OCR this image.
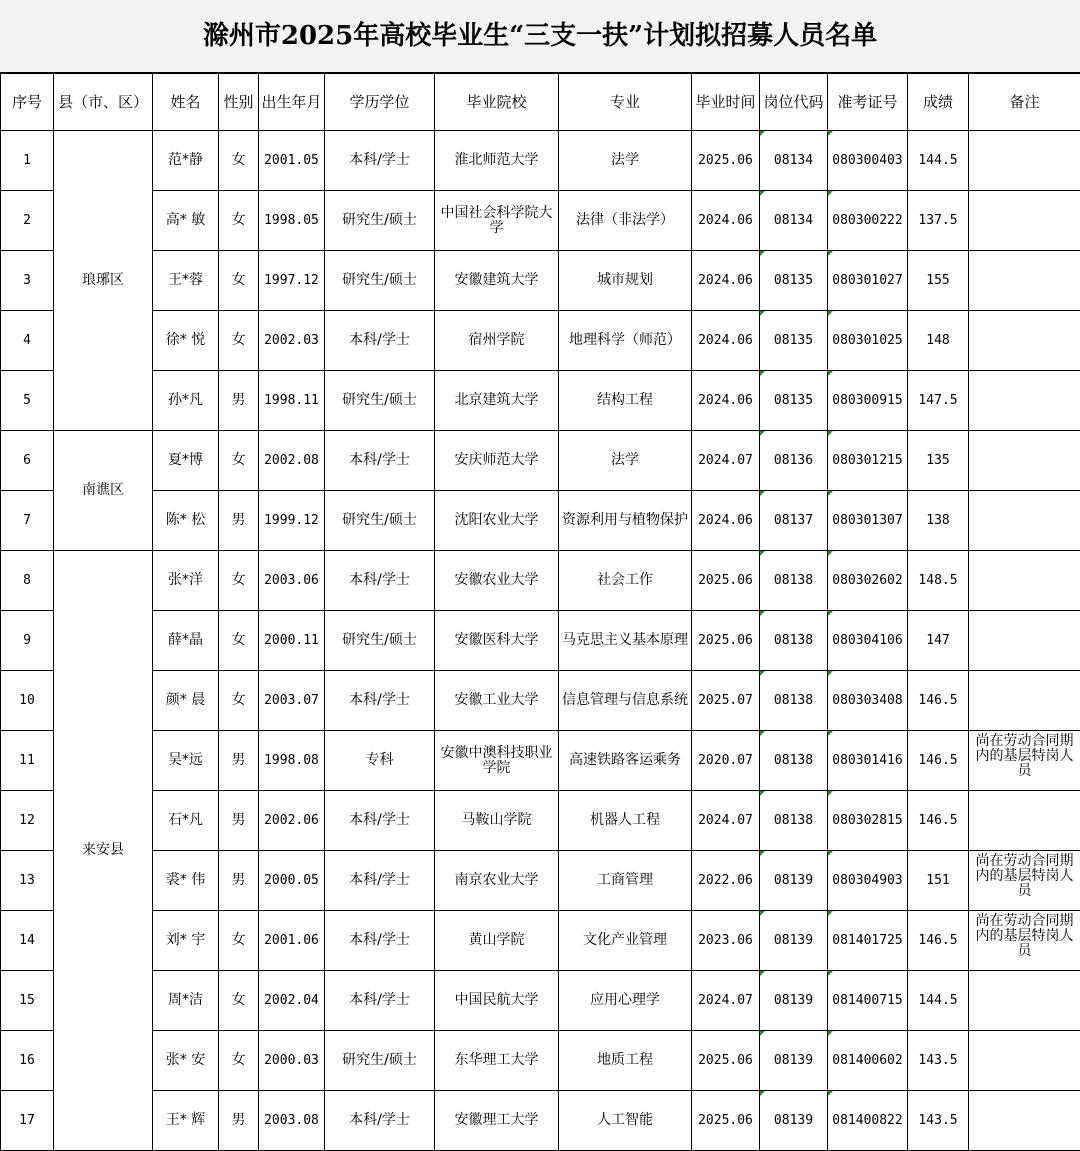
滁州市2025年高校毕业生“三支一扶”计划拟招募人员名单
序号	县（市、区）	姓名	性别	出生年月	学历学位	毕业院校	专业	毕业时间	岗位代码	准考证号	成绩	备注
1	琅琊区	范*静	女	2001.05	本科/学士	淮北师范大学	法学	2025.06	08134	080300403	144.5	
2		高* 敏	女	1998.05	研究生/硕士	中国社会科学院大学	法律（非法学）	2024.06	08134	080300222	137.5	
3		王*蓉	女	1997.12	研究生/硕士	安徽建筑大学	城市规划	2024.06	08135	080301027	155	
4		徐* 悦	女	2002.03	本科/学士	宿州学院	地理科学（师范）	2024.06	08135	080301025	148	
5		孙*凡	男	1998.11	研究生/硕士	北京建筑大学	结构工程	2024.06	08135	080300915	147.5	
6	南谯区	夏*博	女	2002.08	本科/学士	安庆师范大学	法学	2024.07	08136	080301215	135	
7		陈* 松	男	1999.12	研究生/硕士	沈阳农业大学	资源利用与植物保护	2024.06	08137	080301307	138	
8	来安县	张*洋	女	2003.06	本科/学士	安徽农业大学	社会工作	2025.06	08138	080302602	148.5	
9		薛*晶	女	2000.11	研究生/硕士	安徽医科大学	马克思主义基本原理	2025.06	08138	080304106	147	
10		颜* 晨	女	2003.07	本科/学士	安徽工业大学	信息管理与信息系统	2025.07	08138	080303408	146.5	
11		吴*远	男	1998.08	专科	安徽中澳科技职业学院	高速铁路客运乘务	2020.07	08138	080301416	146.5	尚在劳动合同期内的基层特岗人员
12		石*凡	男	2002.06	本科/学士	马鞍山学院	机器人工程	2024.07	08138	080302815	146.5	
13		裘* 伟	男	2000.05	本科/学士	南京农业大学	工商管理	2022.06	08139	080304903	151	尚在劳动合同期内的基层特岗人员
14		刘* 宇	女	2001.06	本科/学士	黄山学院	文化产业管理	2023.06	08139	081401725	146.5	尚在劳动合同期内的基层特岗人员
15		周*洁	女	2002.04	本科/学士	中国民航大学	应用心理学	2024.07	08139	081400715	144.5	
16		张* 安	女	2000.03	研究生/硕士	东华理工大学	地质工程	2025.06	08139	081400602	143.5	
17		王* 辉	男	2003.08	本科/学士	安徽理工大学	人工智能	2025.06	08139	081400822	143.5	
